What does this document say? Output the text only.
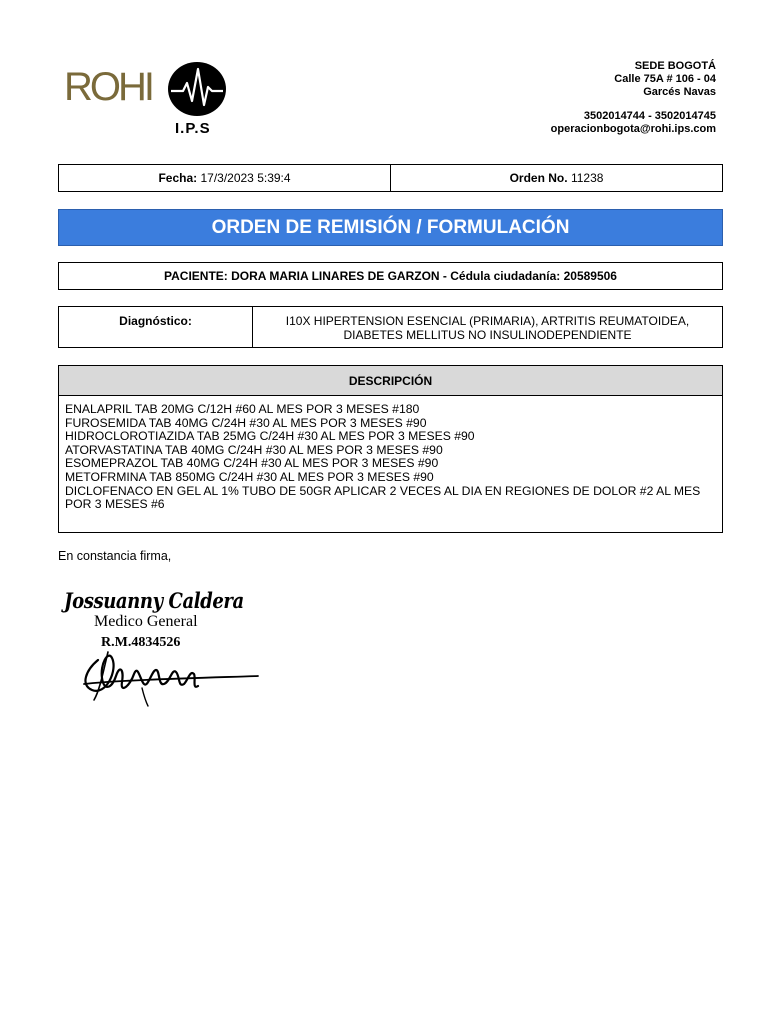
ROHI
I.P.S
SEDE BOGOTÁ
Calle 75A # 106 - 04
Garcés Navas
3502014744 - 3502014745
operacionbogota@rohi.ips.com
Fecha:
17/3/2023 5:39:4	Orden No.
11238
ORDEN DE REMISIÓN / FORMULACIÓN
PACIENTE: DORA MARIA LINARES DE GARZON - Cédula ciudadanía: 20589506
Diagnóstico:	I10X HIPERTENSION ESENCIAL (PRIMARIA), ARTRITIS REUMATOIDEA,
DIABETES MELLITUS NO INSULINODEPENDIENTE
DESCRIPCIÓN
ENALAPRIL TAB 20MG C/12H #60 AL MES POR 3 MESES #180
FUROSEMIDA TAB 40MG C/24H #30 AL MES POR 3 MESES #90
HIDROCLOROTIAZIDA TAB 25MG C/24H #30 AL MES POR 3 MESES #90
ATORVASTATINA TAB 40MG C/24H #30 AL MES POR 3 MESES #90
ESOMEPRAZOL TAB 40MG C/24H #30 AL MES POR 3 MESES #90
METOFRMINA TAB 850MG C/24H #30 AL MES POR 3 MESES #90
DICLOFENACO EN GEL AL 1% TUBO DE 50GR APLICAR 2 VECES AL DIA EN REGIONES DE DOLOR #2 AL MES POR 3 MESES #6
En constancia firma,
Jossuanny Caldera
Medico General
R.M.4834526
